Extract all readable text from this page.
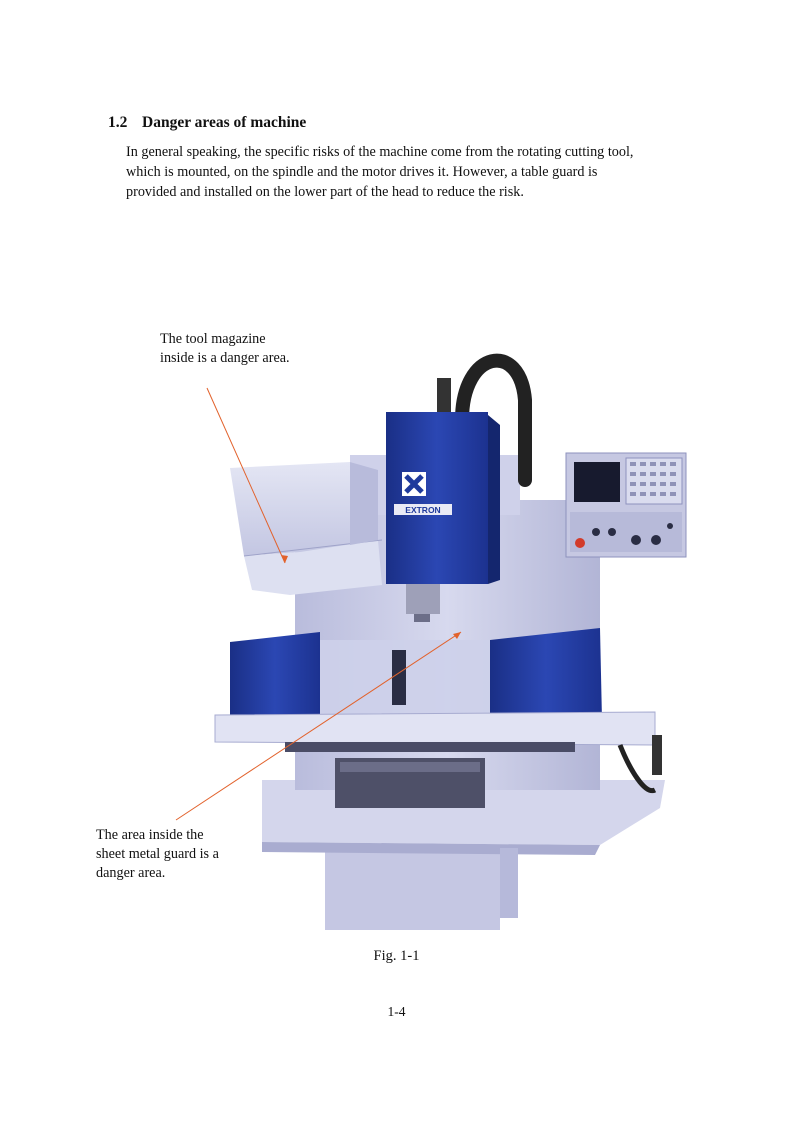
1.2 Danger areas of machine
In general speaking, the specific risks of the machine come from the rotating cutting tool,
which is mounted, on the spindle and the motor drives it. However, a table guard is
provided and installed on the lower part of the head to reduce the risk.
EXTRON
The tool magazine
inside is a danger area.
The area inside the
sheet metal guard is a
danger area.
Fig. 1-1
1-4
